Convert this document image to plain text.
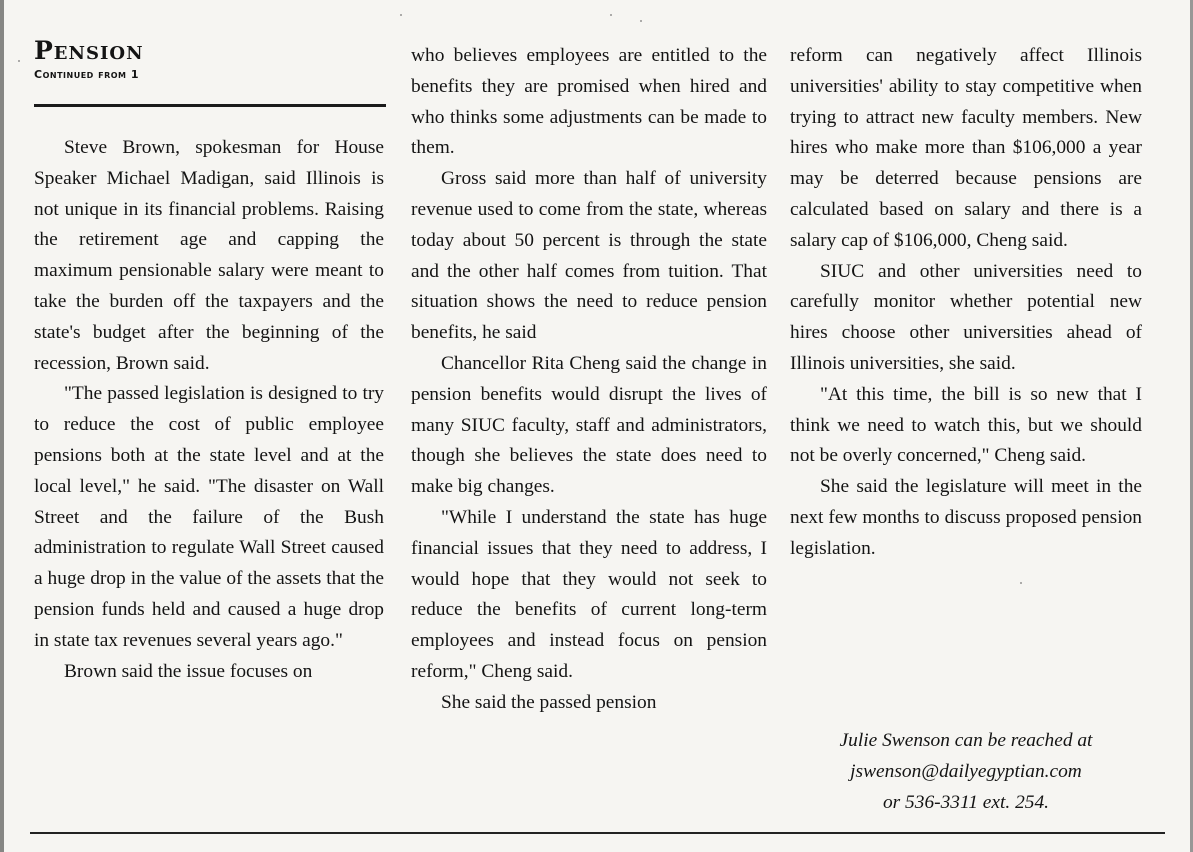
Pension
Continued from 1

Steve Brown, spokesman for House Speaker Michael Madigan, said Illinois is not unique in its financial problems. Raising the retirement age and capping the maximum pensionable salary were meant to take the burden off the taxpayers and the state's budget after the beginning of the recession, Brown said.

"The passed legislation is designed to try to reduce the cost of public employee pensions both at the state level and at the local level," he said. "The disaster on Wall Street and the failure of the Bush administration to regulate Wall Street caused a huge drop in the value of the assets that the pension funds held and caused a huge drop in state tax revenues several years ago."

Brown said the issue focuses on

who believes employees are entitled to the benefits they are promised when hired and who thinks some adjustments can be made to them.

Gross said more than half of university revenue used to come from the state, whereas today about 50 percent is through the state and the other half comes from tuition. That situation shows the need to reduce pension benefits, he said

Chancellor Rita Cheng said the change in pension benefits would disrupt the lives of many SIUC faculty, staff and administrators, though she believes the state does need to make big changes.

"While I understand the state has huge financial issues that they need to address, I would hope that they would not seek to reduce the benefits of current long-term employees and instead focus on pension reform," Cheng said.

She said the passed pension

reform can negatively affect Illinois universities' ability to stay competitive when trying to attract new faculty members. New hires who make more than $106,000 a year may be deterred because pensions are calculated based on salary and there is a salary cap of $106,000, Cheng said.

SIUC and other universities need to carefully monitor whether potential new hires choose other universities ahead of Illinois universities, she said.

"At this time, the bill is so new that I think we need to watch this, but we should not be overly concerned," Cheng said.

She said the legislature will meet in the next few months to discuss proposed pension legislation.

Julie Swenson can be reached at
jswenson@dailyegyptian.com
or 536-3311 ext. 254.
